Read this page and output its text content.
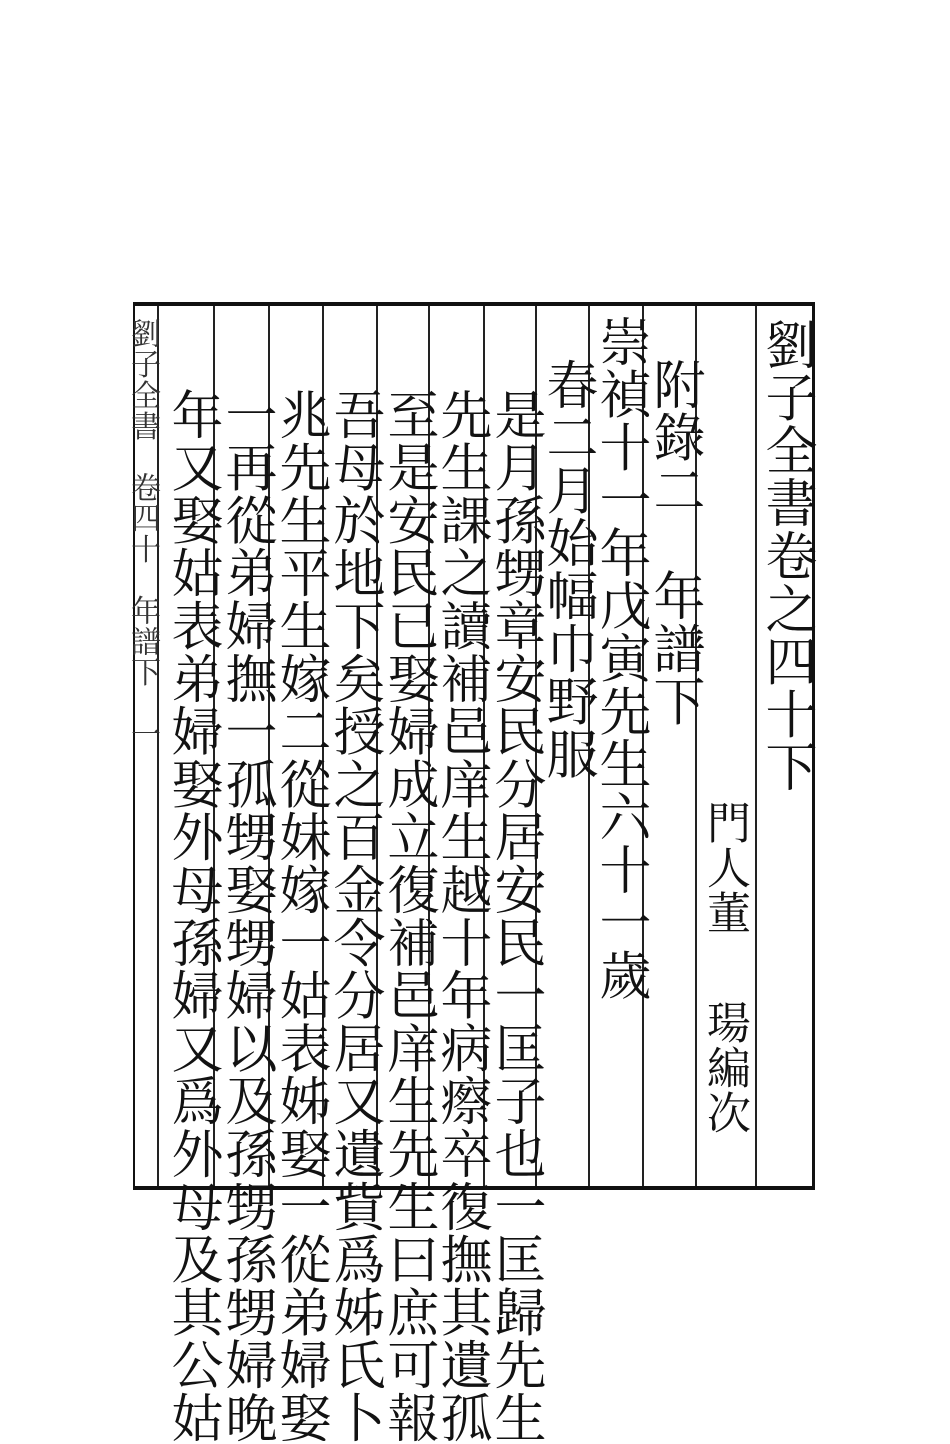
劉子全書卷之四十下
門人董
瑒編次
附錄二　年譜下
崇禎十一年戊寅先生六十一歲
春二月始幅巾野服
是月孫甥章安民分居安民一匡子也一匡歸先生
先生課之讀補邑庠生越十年病瘵卒復撫其遺孤
至是安民已娶婦成立復補邑庠生先生曰庶可報
吾母於地下矣授之百金令分居又遺貲爲姊氏卜
兆先生平生嫁二從妹嫁一姑表姊娶一從弟婦娶
一再從弟婦撫一孤甥娶甥婦以及孫甥孫甥婦晚
年又娶姑表弟婦娶外母孫婦又爲外母及其公姑
劉子全書　卷四十　年譜下　一
